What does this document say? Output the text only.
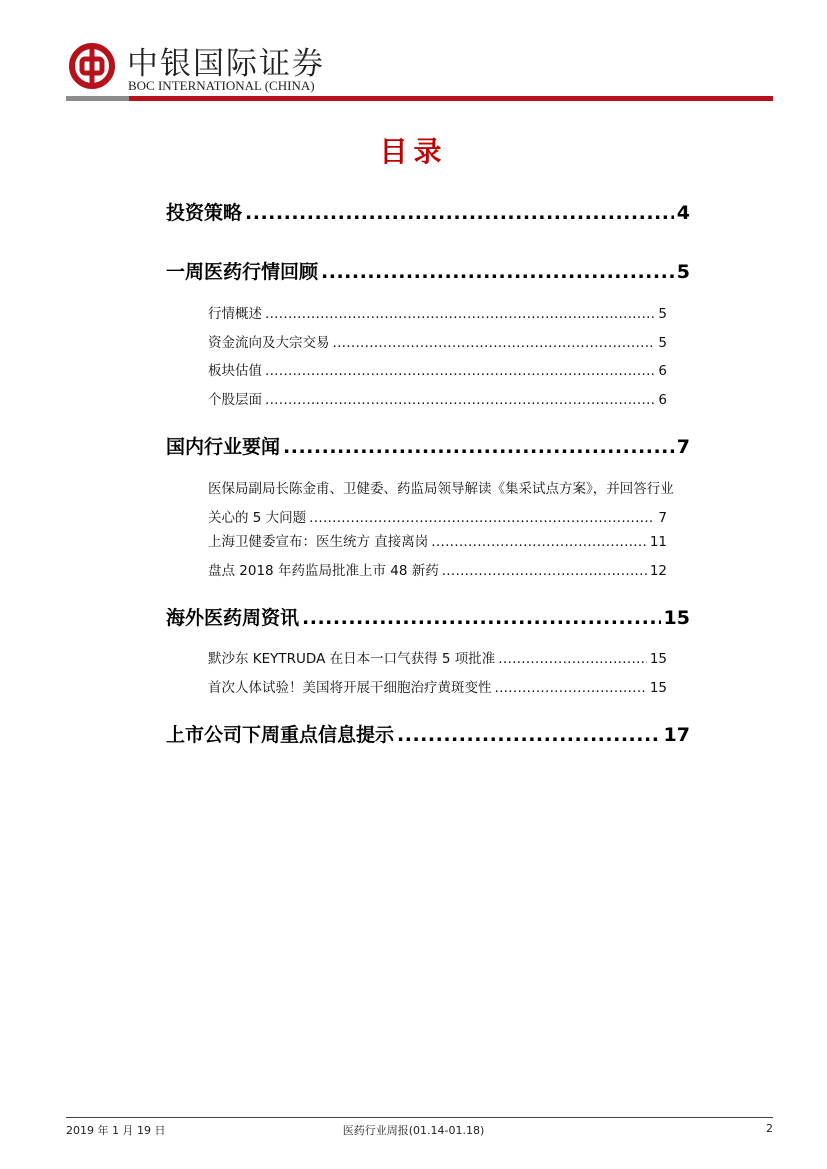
中银国际证券
BOC INTERNATIONAL (CHINA)
目录
投资策略 .....	4
一周医药行情回顾 .....	5
行情概述 .....	5
资金流向及大宗交易 .....	5
板块估值 .....	6
个股层面 .....	6
国内行业要闻 .....	7
医保局副局长陈金甫、卫健委、药监局领导解读《集采试点方案》，并回答行业
关心的 5 大问题 .....	7
上海卫健委宣布：医生统方 直接离岗 .....	11
盘点 2018 年药监局批准上市 48 新药 .....	12
海外医药周资讯 .....	15
默沙东 KEYTRUDA 在日本一口气获得 5 项批准 .....	15
首次人体试验！美国将开展干细胞治疗黄斑变性 .....	15
上市公司下周重点信息提示 .....	17
2019 年 1 月 19 日	医药行业周报(01.14-01.18)	2
